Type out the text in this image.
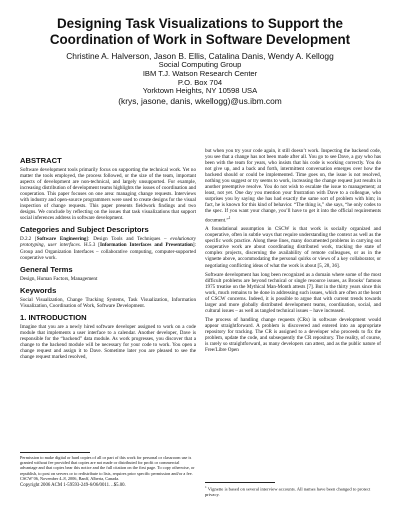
Designing Task Visualizations to Support the Coordination of Work in Software Development
Christine A. Halverson, Jason B. Ellis, Catalina Danis, Wendy A. Kellogg
Social Computing Group
IBM T.J. Watson Research Center
P.O. Box 704
Yorktown Heights, NY 10598 USA
(krys, jasone, danis, wkellogg)@us.ibm.com
ABSTRACT

Software development tools primarily focus on supporting the technical work. Yet no matter the tools employed, the process followed, or the size of the team, important aspects of development are non-technical, and largely unsupported. For example, increasing distribution of development teams highlights the issues of coordination and cooperation. This paper focuses on one area: managing change requests. Interviews with industry and open-source programmers were used to create designs for the visual inspection of change requests. This paper presents fieldwork findings and two designs. We conclude by reflecting on the issues that task visualizations that support social inferences address in software development.

Categories and Subject Descriptors

D.2.2 [Software Engineering]: Design Tools and Techniques – evolutionary prototyping, user interfaces. H.5.3 [Information Interfaces and Presentation]: Group and Organization Interfaces – collaborative computing, computer-supported cooperative work.

General Terms

Design, Human Factors, Management

Keywords

Social Visualization, Change Tracking Systems, Task Visualization, Information Visualization, Coordination of Work, Software Development.

1. INTRODUCTION

Imagine that you are a newly hired software developer assigned to work on a code module that implements a user interface to a calendar. Another developer, Dave is responsible for the “backend” data module. As work progresses, you discover that a change to the backend module will be necessary for your code to work. You open a change request and assign it to Dave. Sometime later you are pleased to see the change request marked resolved,

Permission to make digital or hard copies of all or part of this work for personal or classroom use is granted without fee provided that copies are not made or distributed for profit or commercial advantage and that copies bear this notice and the full citation on the first page. To copy otherwise, or republish, to post on servers or to redistribute to lists, requires prior specific permission and/or a fee.

CSCW’06, November 4–8, 2006, Banff, Alberta, Canada.

Copyright 2006 ACM 1-59593-249-6/06/0011…$5.00.

but when you try your code again, it still doesn’t work. Inspecting the backend code, you see that a change has not been made after all. You go to see Dave, a guy who has been with the team for years, who insists that his code is working correctly. You do not give up, and a back and forth, intermittent conversation emerges over how the backend should or could be implemented. Time goes on, the issue is not resolved, nothing you suggest or try seems to work, increasing the change request just results in another preemptive resolve. You do not wish to escalate the issue to management; at least, not yet. One day you mention your frustration with Dave to a colleague, who surprises you by saying she has had exactly the same sort of problem with him; in fact, he is known for this kind of behavior. “The thing is,” she says, “he only codes to the spec. If you want your change, you’ll have to get it into the official requirements document.”$^1$

A foundational assumption in CSCW is that work is socially organized and cooperative, often in subtle ways that require understanding the context as well as the specific work practice. Along these lines, many documented problems in carrying out cooperative work are about coordinating distributed work, tracking the state of complex projects, discerning the availability of remote colleagues, or as in the vignette above, accommodating the personal quirks or views of a key collaborator, or negotiating conflicting ideas of what the work is about [5, 28, 36].

Software development has long been recognized as a domain where some of the most difficult problems are beyond technical or single resource issues, as Brooks’ famous 1975 treatise on the Mythical Man-Month attests [7]. But in the thirty years since this work, much remains to be done in addressing such issues, which are often at the heart of CSCW concerns. Indeed, it is possible to argue that with current trends towards larger and more globally distributed development teams, coordination, social, and cultural issues – as well as tangled technical issues – have increased.

The process of handling change requests (CRs) in software development would appear straightforward. A problem is discovered and entered into an appropriate repository for tracking. The CR is assigned to a developer who proceeds to fix the problem, update the code, and subsequently the CR repository. The reality, of course, is rarely so straightforward, as many developers can attest, and as the public nature of Free/Libre Open

$^1$ Vignette is based on several interview accounts. All names have been changed to protect privacy.
